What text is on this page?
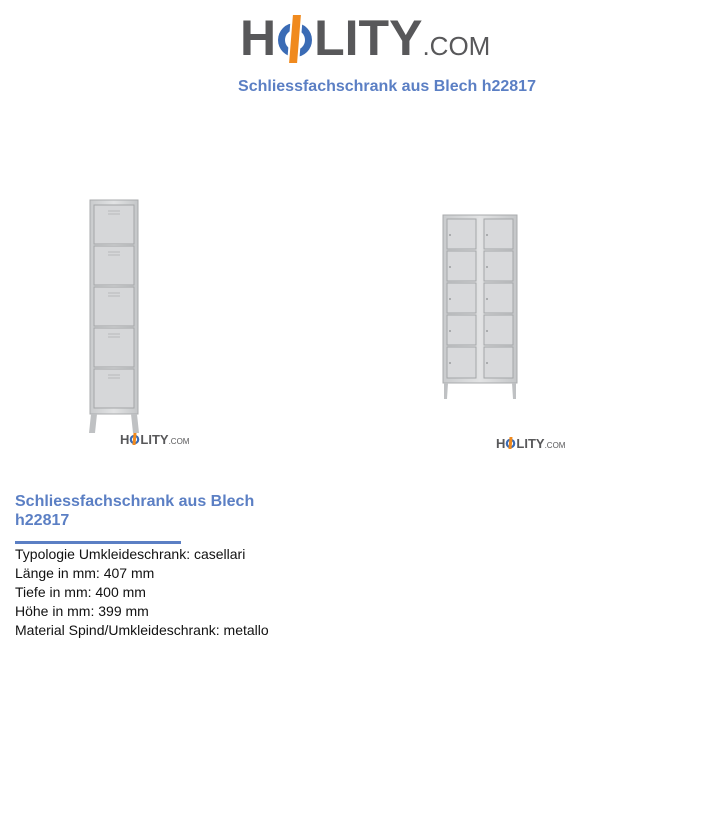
H LITY.COM
Schliessfachschrank aus Blech h22817
H LITY.COM	H LITY.COM
Schliessfachschrank aus Blech h22817
Typologie Umkleideschrank: casellari
Länge in mm: 407 mm
Tiefe in mm: 400 mm
Höhe in mm: 399 mm
Material Spind/Umkleideschrank: metallo
